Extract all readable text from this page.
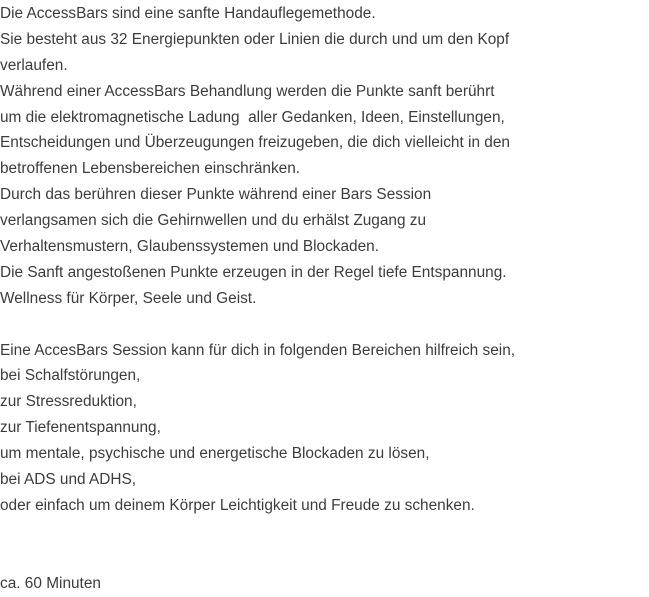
Die AccessBars sind eine sanfte Handauflegemethode.
Sie besteht aus 32 Energiepunkten oder Linien die durch und um den Kopf
verlaufen.
Während einer AccessBars Behandlung werden die Punkte sanft berührt
um die elektromagnetische Ladung  aller Gedanken, Ideen, Einstellungen,
Entscheidungen und Überzeugungen freizugeben, die dich vielleicht in den
betroffenen Lebensbereichen einschränken.
Durch das berühren dieser Punkte während einer Bars Session
verlangsamen sich die Gehirnwellen und du erhälst Zugang zu
Verhaltensmustern, Glaubenssystemen und Blockaden.
Die Sanft angestoßenen Punkte erzeugen in der Regel tiefe Entspannung.
Wellness für Körper, Seele und Geist.
Eine AccesBars Session kann für dich in folgenden Bereichen hilfreich sein,
bei Schalfstörungen,
zur Stressreduktion,
zur Tiefenentspannung,
um mentale, psychische und energetische Blockaden zu lösen,
bei ADS und ADHS,
oder einfach um deinem Körper Leichtigkeit und Freude zu schenken.
ca. 60 Minuten
